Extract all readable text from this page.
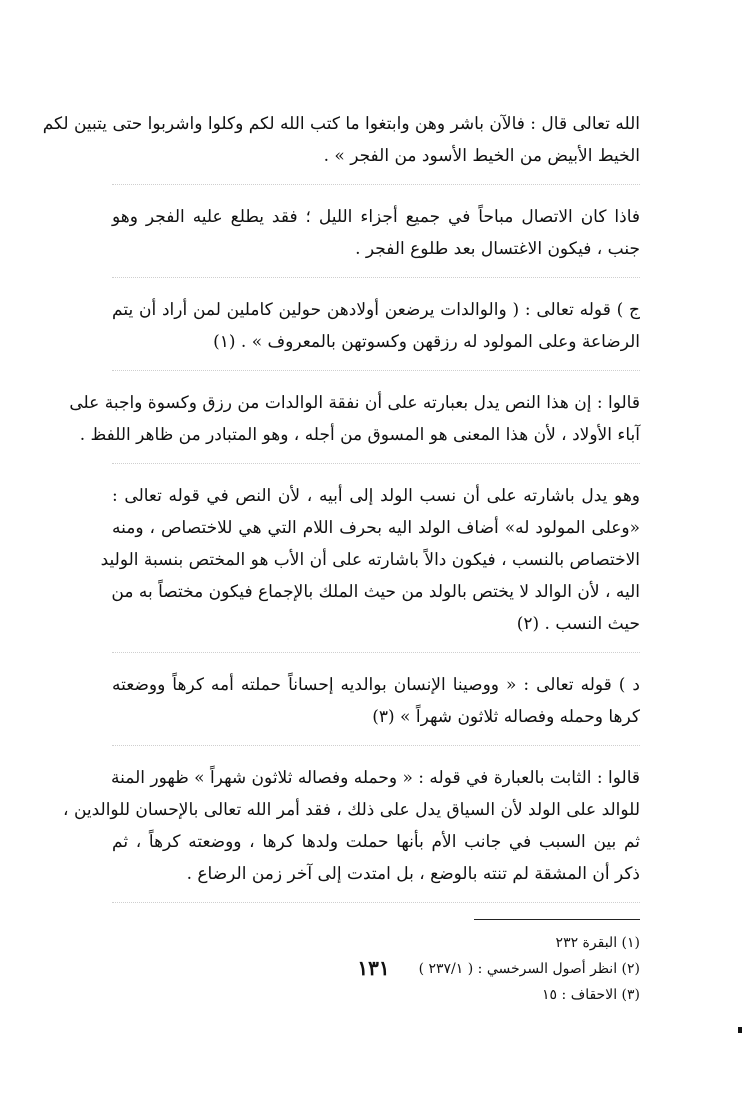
الله تعالى قال : فالآن باشر وهن وابتغوا ما كتب الله لكم وكلوا واشربوا حتى يتبين لكم
الخيط الأبيض من الخيط الأسود من الفجر » .
فاذا كان الاتصال مباحاً في جميع أجزاء الليل ؛ فقد يطلع عليه الفجر وهو
جنب ، فيكون الاغتسال بعد طلوع الفجر .
ج ) قوله تعالى : ( والوالدات يرضعن أولادهن حولين كاملين لمن أراد أن يتم
الرضاعة وعلى المولود له رزقهن وكسوتهن بالمعروف » . (١)
قالوا : إن هذا النص يدل بعبارته على أن نفقة الوالدات من رزق وكسوة واجبة على
آباء الأولاد ، لأن هذا المعنى هو المسوق من أجله ، وهو المتبادر من ظاهر اللفظ .
وهو يدل باشارته على أن نسب الولد إلى أبيه ، لأن النص في قوله تعالى :
«وعلى المولود له» أضاف الولد اليه بحرف اللام التي هي للاختصاص ، ومنه
الاختصاص بالنسب ، فيكون دالاً باشارته على أن الأب هو المختص بنسبة الوليد
اليه ، لأن الوالد لا يختص بالولد من حيث الملك بالإجماع فيكون مختصاً به من
حيث النسب . (٢)
د ) قوله تعالى : « ووصينا الإنسان بوالديه إحساناً حملته أمه كرهاً ووضعته
كرها وحمله وفصاله ثلاثون شهراً » (٣)
قالوا : الثابت بالعبارة في قوله : « وحمله وفصاله ثلاثون شهراً » ظهور المنة
للوالد على الولد لأن السياق يدل على ذلك ، فقد أمر الله تعالى بالإحسان للوالدين ،
ثم بين السبب في جانب الأم بأنها حملت ولدها كرها ، ووضعته كرهاً ، ثم
ذكر أن المشقة لم تنته بالوضع ، بل امتدت إلى آخر زمن الرضاع .
(١) البقرة ٢٣٢
(٢) انظر أصول السرخسي : ( ٢٣٧/١ )
(٣) الاحقاف : ١٥
١٣١
